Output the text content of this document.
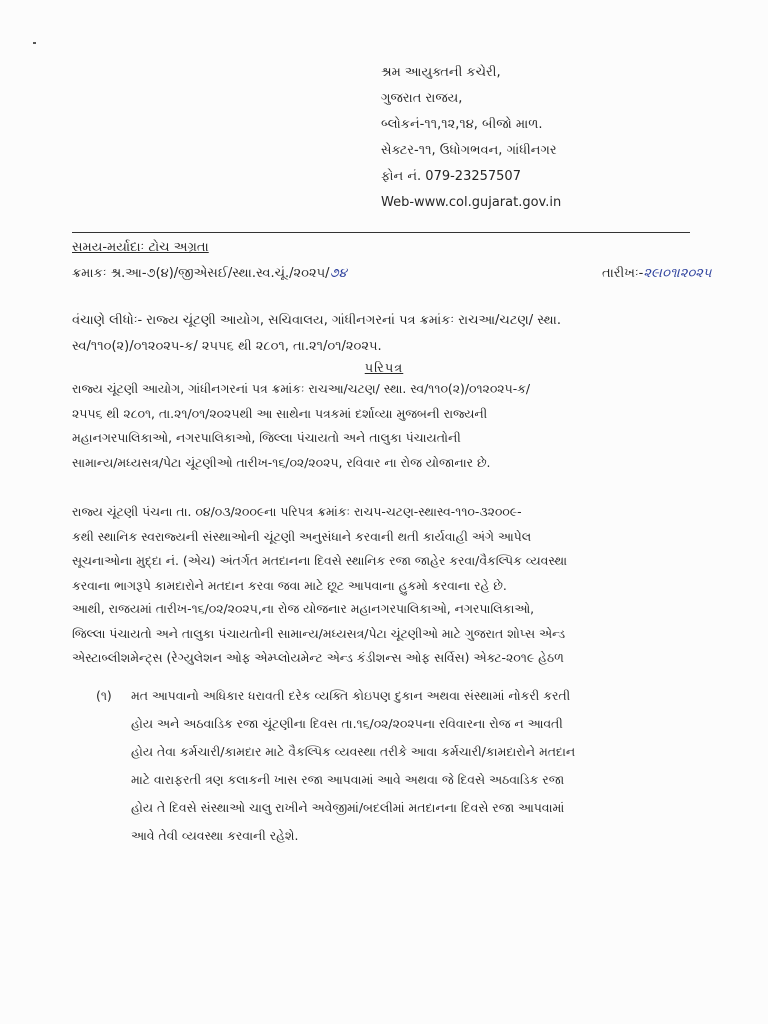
શ્રમ આયુક્તની કચેરી,
ગુજરાત રાજય,
બ્લોકનં-૧૧,૧૨,૧૪, બીજો માળ.
સેક્ટર-૧૧, ઉધોગભવન, ગાંધીનગર
ફોન નં. 079-23257507
Web-www.col.gujarat.gov.in
સમય-મર્યાદાઃ ટોચ અગ્રતા
ક્રમાકઃ શ્ર.આ-૭(૪)/જીએસઈ/સ્થા.સ્વ.ચૂં./૨૦૨૫/૭૪	તારીખઃ-૨૯।૦૧।૨૦૨૫
વંચાણે લીધોઃ- રાજ્ય ચૂંટણી આયોગ, સચિવાલય, ગાંધીનગરનાં પત્ર ક્રમાંકઃ રાચઆ/ચટણ/ સ્થા.
સ્વ/૧૧૦(૨)/૦૧૨૦૨૫-ક/ ૨૫૫૬ થી ૨૮૦૧, તા.૨૧/૦૧/૨૦૨૫.
પરિપત્ર
રાજ્ય ચૂંટણી આયોગ, ગાંધીનગરનાં પત્ર ક્રમાંકઃ રાચઆ/ચટણ/ સ્થા. સ્વ/૧૧૦(૨)/૦૧૨૦૨૫-ક/
૨૫૫૬ થી ૨૮૦૧, તા.૨૧/૦૧/૨૦૨૫થી આ સાથેના પત્રકમાં દર્શાવ્યા મુજબની રાજ્યની
મહાનગરપાલિકાઓ, નગરપાલિકાઓ, જિલ્લા પંચાયતો અને તાલુકા પંચાયતોની
સામાન્ય/મધ્યસત્ર/પેટા ચૂંટણીઓ તારીખ-૧૬/૦૨/૨૦૨૫, રવિવાર ના રોજ યોજાનાર છે.
રાજ્ય ચૂંટણી પંચના તા. ૦૪/૦૩/૨૦૦૯ના પરિપત્ર ક્રમાંકઃ રાચપ-ચટણ-સ્થાસ્વ-૧૧૦-૩૨૦૦૯-
કથી સ્થાનિક સ્વરાજ્યની સંસ્થાઓની ચૂંટણી અનુસંધાને કરવાની થતી કાર્યવાહી અંગે આપેલ
સૂચનાઓના મુદ્દા નં. (એચ) અંતર્ગત મતદાનના દિવસે સ્થાનિક રજા જાહેર કરવા/વૈકલ્પિક વ્યવસ્થા
કરવાના ભાગરૂપે કામદારોને મતદાન કરવા જવા માટે છૂટ આપવાના હુકમો કરવાના રહે છે.
આથી, રાજયમાં તારીખ-૧૬/૦૨/૨૦૨૫,ના રોજ યોજનાર મહાનગરપાલિકાઓ, નગરપાલિકાઓ,
જિલ્લા પંચાયતો અને તાલુકા પંચાયતોની સામાન્ય/મધ્યસત્ર/પેટા ચૂંટણીઓ માટે ગુજરાત શોપ્સ એન્ડ
એસ્ટાબ્લીશમેન્ટ્સ (રેગ્યુલેશન ઓફ એમ્પ્લોયમેન્ટ એન્ડ કંડીશન્સ ઓફ સર્વિસ) એક્ટ-૨૦૧૯ હેઠળ
(૧) મત આપવાનો અધિકાર ધરાવતી દરેક વ્યક્તિ કોઇપણ દુકાન અથવા સંસ્થામાં નોકરી કરતી
હોય અને અઠવાડિક રજા ચૂંટણીના દિવસ તા.૧૬/૦૨/૨૦૨૫ના રવિવારના રોજ ન આવતી
હોય તેવા કર્મચારી/કામદાર માટે વૈકલ્પિક વ્યવસ્થા તરીકે આવા કર્મચારી/કામદારોને મતદાન
માટે વારાફરતી ત્રણ કલાકની ખાસ રજા આપવામાં આવે અથવા જે દિવસે અઠવાડિક રજા
હોય તે દિવસે સંસ્થાઓ ચાલુ રાખીને અવેજીમાં/બદલીમાં મતદાનના દિવસે રજા આપવામાં
આવે તેવી વ્યવસ્થા કરવાની રહેશે.
